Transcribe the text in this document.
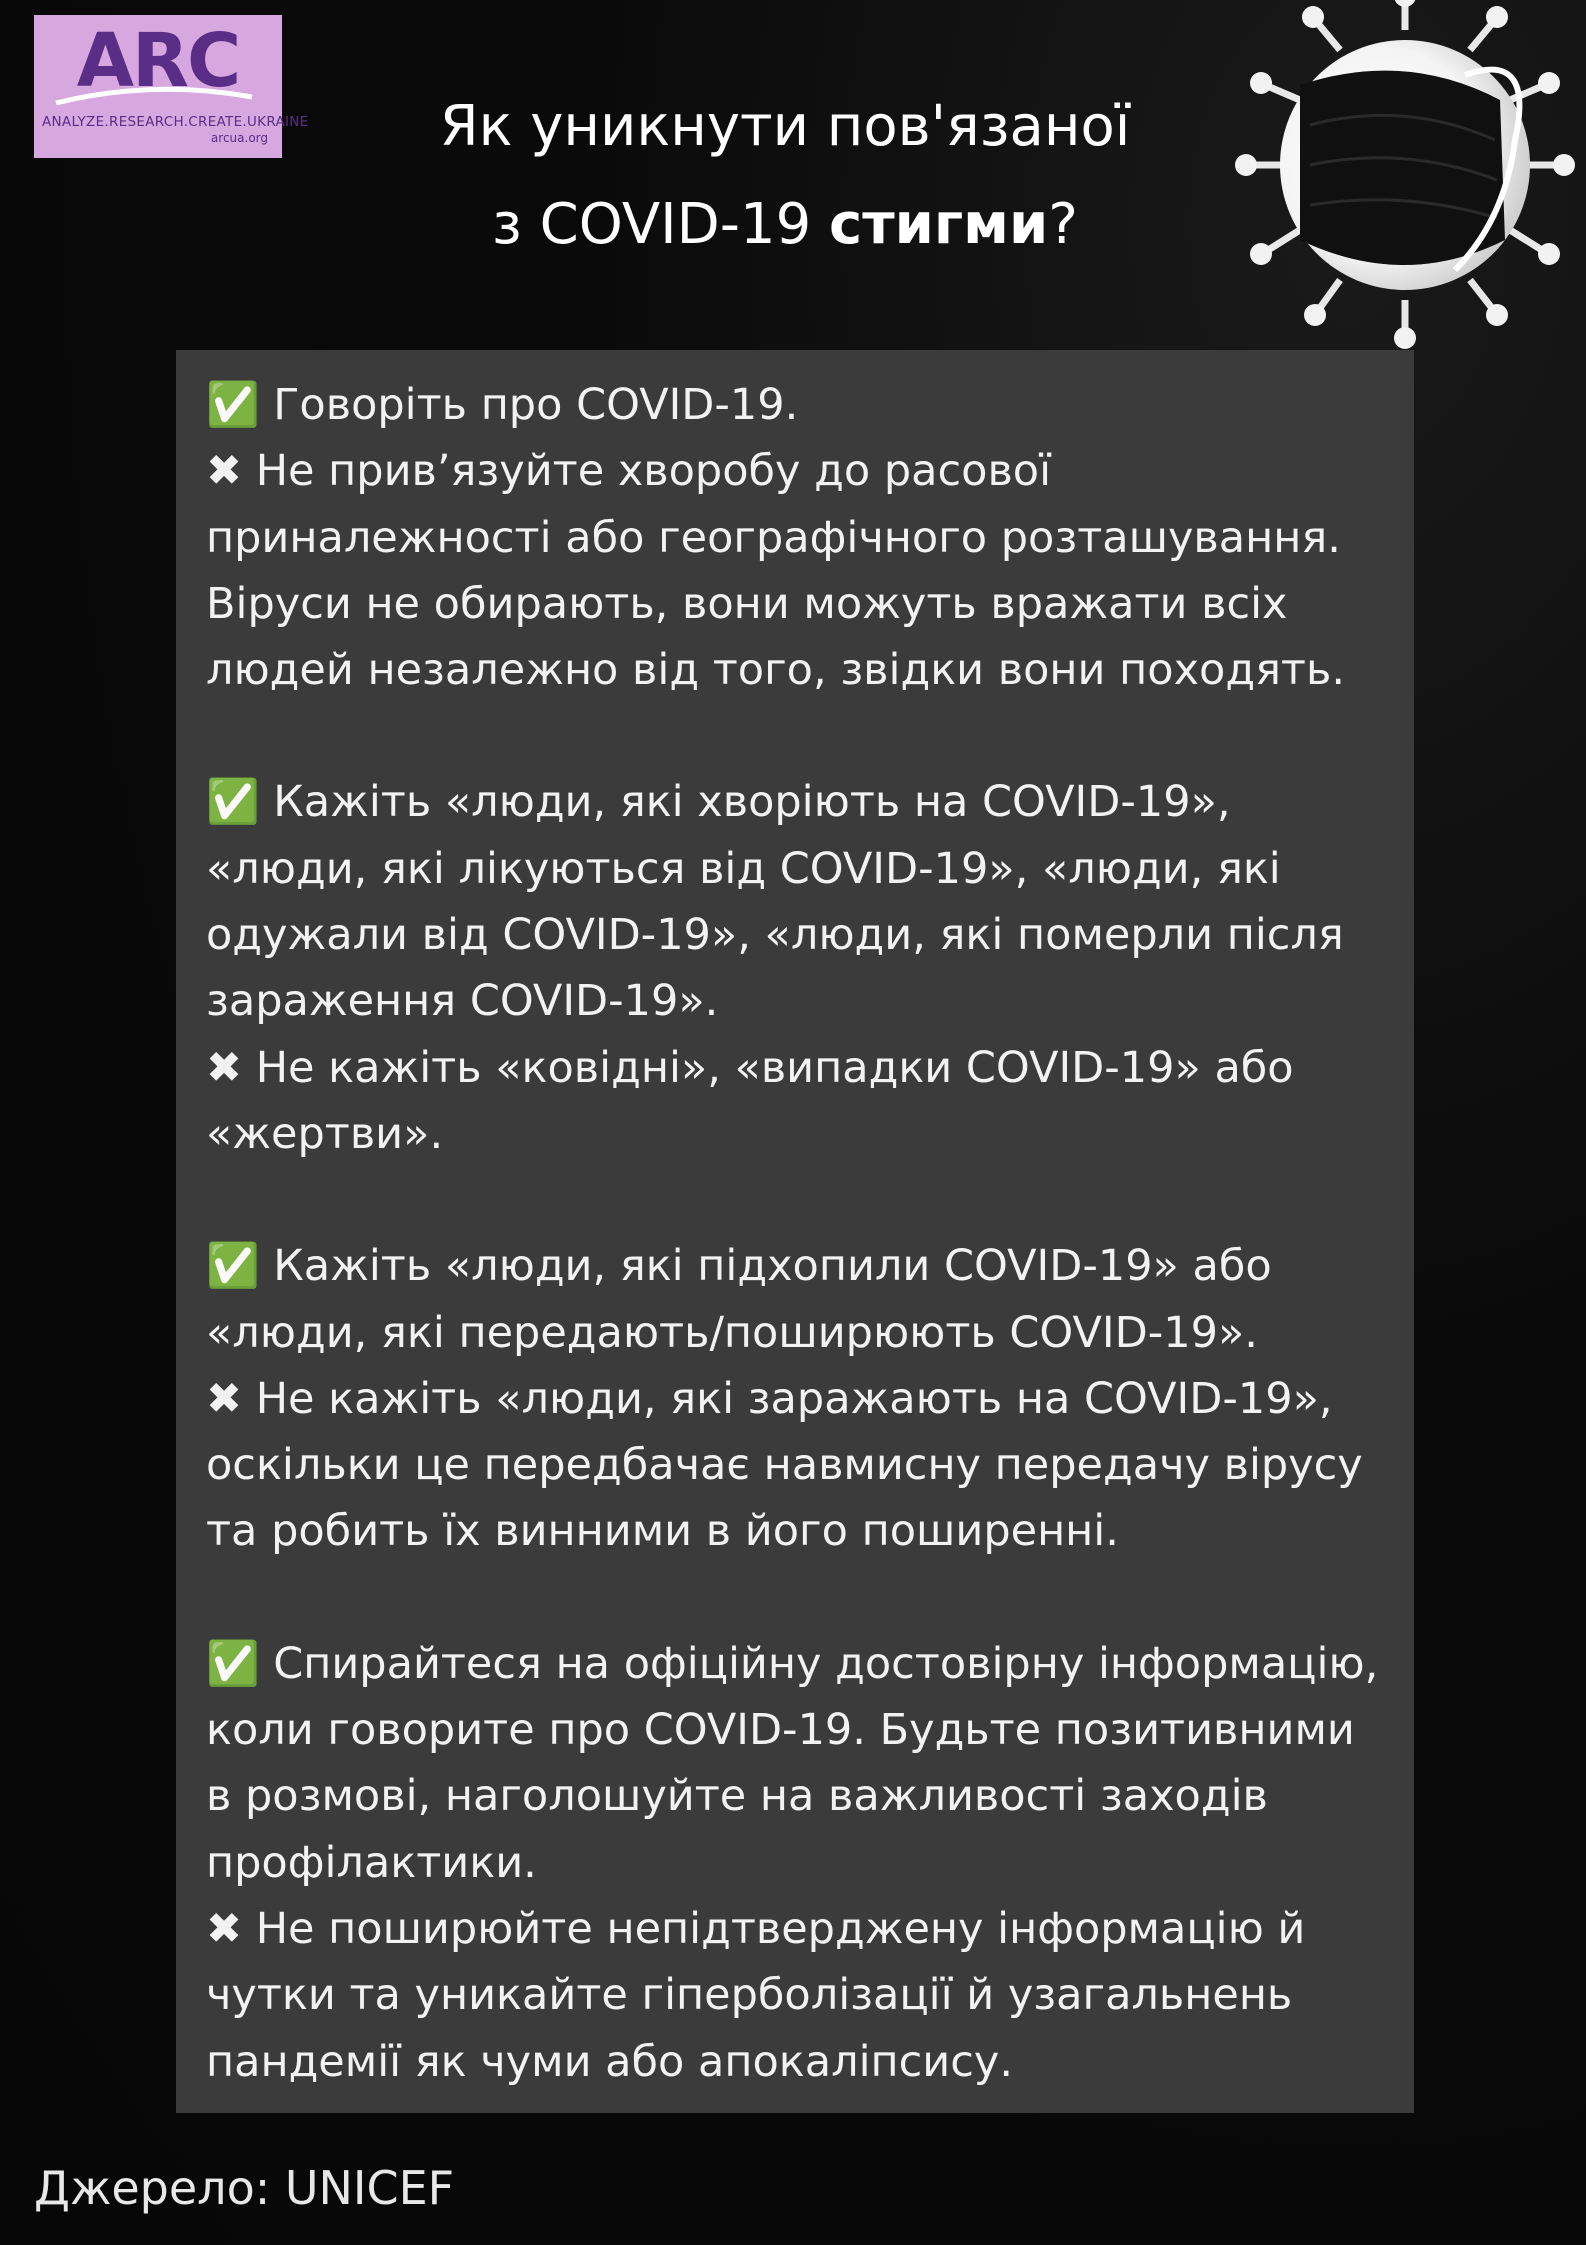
ARC
ANALYZE.RESEARCH.CREATE.UKRAINE
arcua.org	Як уникнути пов'язаної
з COVID-19 стигми?
✅ Говоріть про COVID-19.
✖ Не прив’язуйте хворобу до расової
приналежності або географічного розташування.
Віруси не обирають, вони можуть вражати всіх
людей незалежно від того, звідки вони походять.
✅ Кажіть «люди, які хворіють на COVID-19»,
«люди, які лікуються від COVID-19», «люди, які
одужали від COVID-19», «люди, які померли після
зараження COVID-19».
✖ Не кажіть «ковідні», «випадки COVID-19» або
«жертви».
✅ Кажіть «люди, які підхопили COVID-19» або
«люди, які передають/поширюють COVID-19».
✖ Не кажіть «люди, які заражають на COVID-19»,
оскільки це передбачає навмисну передачу вірусу
та робить їх винними в його поширенні.
✅ Спирайтеся на офіційну достовірну інформацію,
коли говорите про COVID-19. Будьте позитивними
в розмові, наголошуйте на важливості заходів
профілактики.
✖ Не поширюйте непідтверджену інформацію й
чутки та уникайте гіперболізації й узагальнень
пандемії як чуми або апокаліпсису.
Джерело: UNICEF
